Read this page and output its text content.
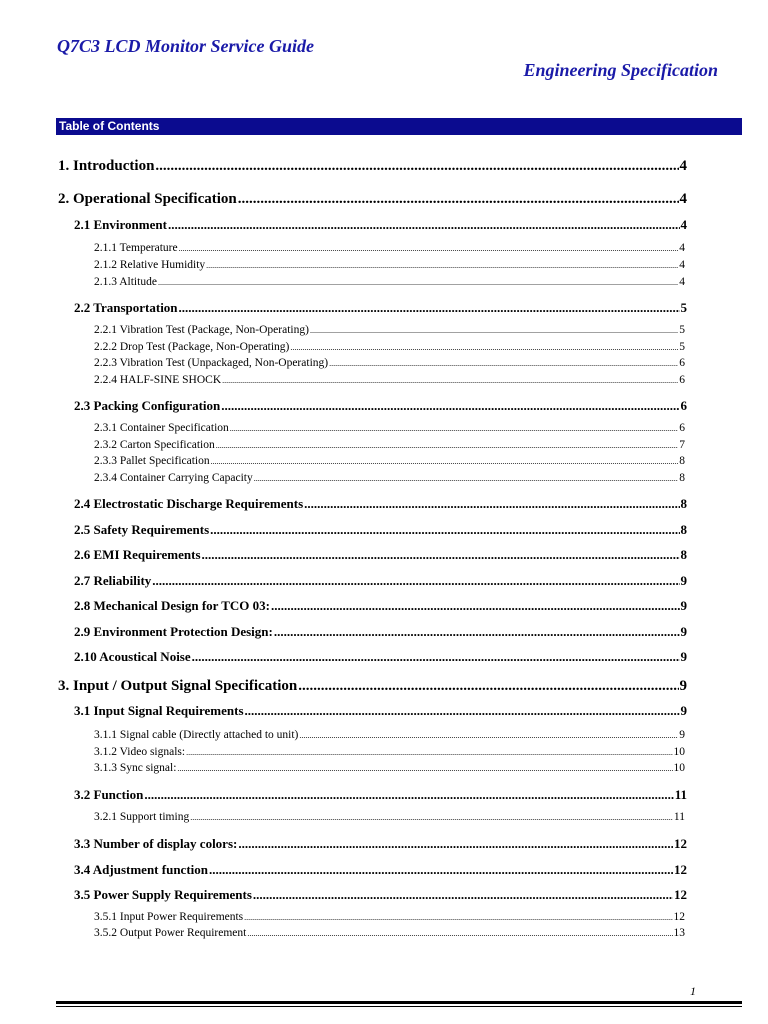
Q7C3 LCD Monitor Service Guide
Engineering Specification
Table of Contents
1. Introduction .....	4
2. Operational Specification .....	4
2.1 Environment .....	4
2.1.1 Temperature .....	4
2.1.2 Relative Humidity .....	4
2.1.3 Altitude .....	4
2.2 Transportation .....	5
2.2.1 Vibration Test (Package, Non-Operating) .....	5
2.2.2 Drop Test (Package, Non-Operating) .....	5
2.2.3 Vibration Test (Unpackaged, Non-Operating) .....	6
2.2.4 HALF-SINE SHOCK .....	6
2.3 Packing Configuration .....	6
2.3.1 Container Specification .....	6
2.3.2 Carton Specification .....	7
2.3.3 Pallet Specification .....	8
2.3.4 Container Carrying Capacity .....	8
2.4 Electrostatic Discharge Requirements .....	8
2.5 Safety Requirements .....	8
2.6 EMI Requirements .....	8
2.7 Reliability .....	9
2.8 Mechanical Design for TCO 03: .....	9
2.9 Environment Protection Design: .....	9
2.10 Acoustical Noise .....	9
3. Input / Output Signal Specification .....	9
3.1 Input Signal Requirements .....	9
3.1.1 Signal cable (Directly attached to unit) .....	9
3.1.2 Video signals: .....	10
3.1.3 Sync signal: .....	10
3.2 Function .....	11
3.2.1 Support timing .....	11
3.3 Number of display colors: .....	12
3.4 Adjustment function .....	12
3.5 Power Supply Requirements .....	12
3.5.1 Input Power Requirements .....	12
3.5.2 Output Power Requirement .....	13
1
